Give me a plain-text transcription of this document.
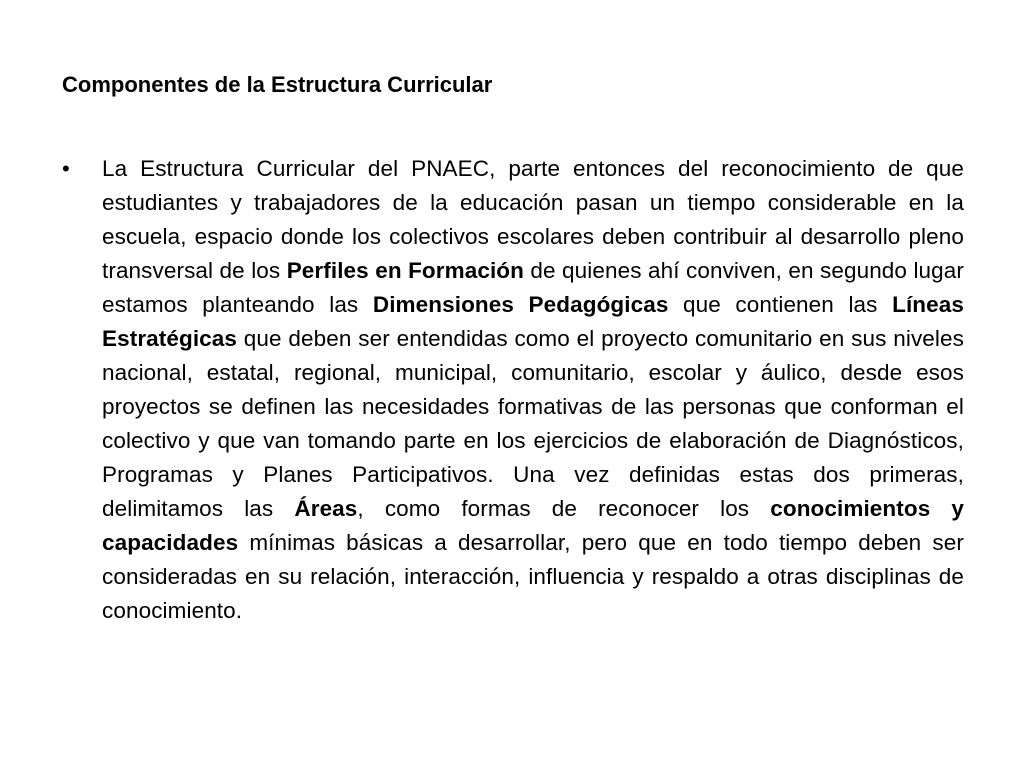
Componentes de la Estructura Curricular
•	La Estructura Curricular del PNAEC, parte entonces del reconocimiento de que estudiantes y trabajadores de la educación pasan un tiempo considerable en la escuela, espacio donde los colectivos escolares deben contribuir al desarrollo pleno transversal de los Perfiles en Formación de quienes ahí conviven, en segundo lugar estamos planteando las Dimensiones Pedagógicas que contienen las Líneas Estratégicas que deben ser entendidas como el proyecto comunitario en sus niveles nacional, estatal, regional, municipal, comunitario, escolar y áulico, desde esos proyectos se definen las necesidades formativas de las personas que conforman el colectivo y que van tomando parte en los ejercicios de elaboración de Diagnósticos, Programas y Planes Participativos. Una vez definidas estas dos primeras, delimitamos las Áreas, como formas de reconocer los conocimientos y capacidades mínimas básicas a desarrollar, pero que en todo tiempo deben ser consideradas en su relación, interacción, influencia y respaldo a otras disciplinas de conocimiento.
